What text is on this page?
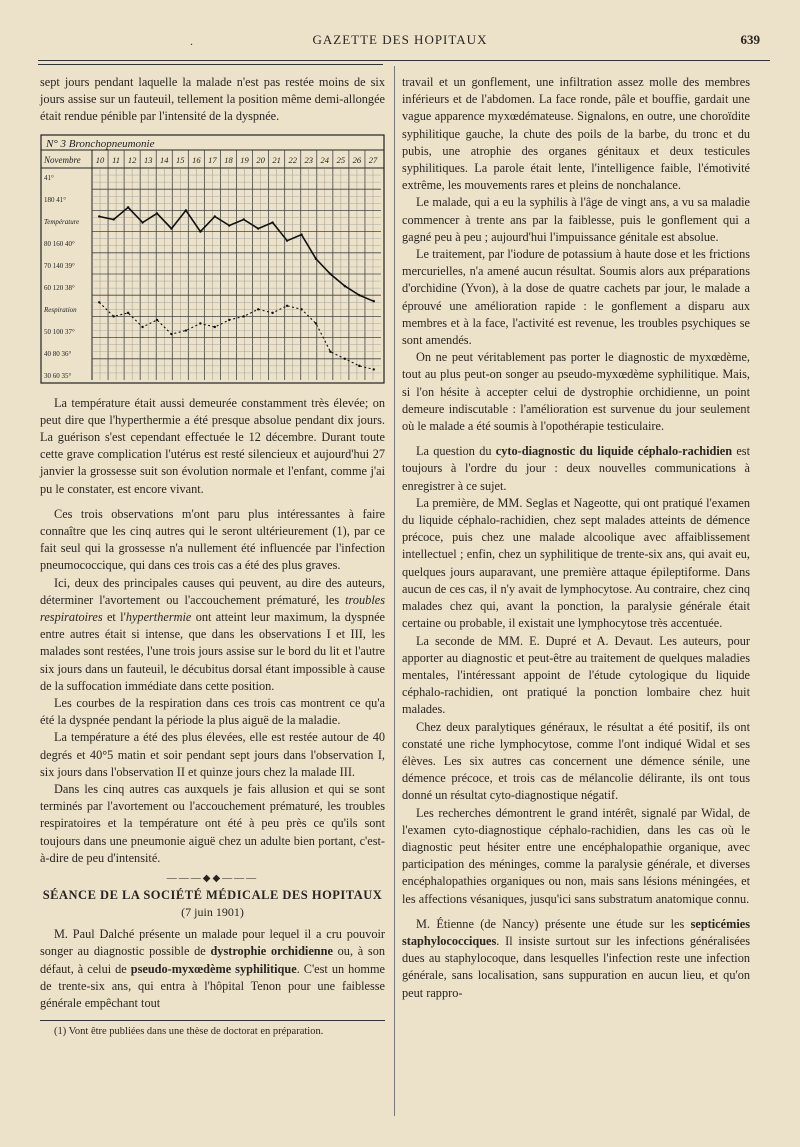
.	GAZETTE DES HOPITAUX	639

sept jours pendant laquelle la malade n'est pas restée moins de six jours assise sur un fauteuil, tellement la position même demi-allongée était rendue pénible par l'intensité de la dyspnée.

N° 3 Bronchopneumonie
Novembre 10 11 12 13 14 15 16 17 18 19 20 21 22 23 24 25 26 27
41°
180 41°
Température
80 160 40°
70 140 39°
60 120 38°
Respiration
50 100 37°
40 80 36°
30 60 35°

La température était aussi demeurée constamment très élevée; on peut dire que l'hyperthermie a été presque absolue pendant dix jours. La guérison s'est cependant effectuée le 12 décembre. Durant toute cette grave complication l'utérus est resté silencieux et aujourd'hui 27 janvier la grossesse suit son évolution normale et l'enfant, comme j'ai pu le constater, est encore vivant.

Ces trois observations m'ont paru plus intéressantes à faire connaître que les cinq autres qui le seront ultérieurement (1), par ce fait seul qui la grossesse n'a nullement été influencée par l'infection pneumococcique, qui dans ces trois cas a été des plus graves.

Ici, deux des principales causes qui peuvent, au dire des auteurs, déterminer l'avortement ou l'accouchement prématuré, les troubles respiratoires et l'hyperthermie ont atteint leur maximum, la dyspnée entre autres était si intense, que dans les observations I et III, les malades sont restées, l'une trois jours assise sur le bord du lit et l'autre six jours dans un fauteuil, le décubitus dorsal étant impossible à cause de la suffocation immédiate dans cette position.

Les courbes de la respiration dans ces trois cas montrent ce qu'a été la dyspnée pendant la période la plus aiguë de la maladie.

La température a été des plus élevées, elle est restée autour de 40 degrés et 40°5 matin et soir pendant sept jours dans l'observation I, six jours dans l'observation II et quinze jours chez la malade III.

Dans les cinq autres cas auxquels je fais allusion et qui se sont terminés par l'avortement ou l'accouchement prématuré, les troubles respiratoires et la température ont été à peu près ce qu'ils sont toujours dans une pneumonie aiguë chez un adulte bien portant, c'est-à-dire de peu d'intensité.

———◆◆———
SÉANCE DE LA SOCIÉTÉ MÉDICALE DES HOPITAUX
(7 juin 1901)

M. Paul Dalché présente un malade pour lequel il a cru pouvoir songer au diagnostic possible de dystrophie orchidienne ou, à son défaut, à celui de pseudo-myxœdème syphilitique. C'est un homme de trente-six ans, qui entra à l'hôpital Tenon pour une faiblesse générale empêchant tout

(1) Vont être publiées dans une thèse de doctorat en préparation.

travail et un gonflement, une infiltration assez molle des membres inférieurs et de l'abdomen. La face ronde, pâle et bouffie, gardait une vague apparence myxœdémateuse. Signalons, en outre, une choroïdite syphilitique gauche, la chute des poils de la barbe, du tronc et du pubis, une atrophie des organes génitaux et deux testicules syphilitiques. La parole était lente, l'intelligence faible, l'émotivité extrême, les mouvements rares et pleins de nonchalance.

Le malade, qui a eu la syphilis à l'âge de vingt ans, a vu sa maladie commencer à trente ans par la faiblesse, puis le gonflement qui a gagné peu à peu ; aujourd'hui l'impuissance génitale est absolue.

Le traitement, par l'iodure de potassium à haute dose et les frictions mercurielles, n'a amené aucun résultat. Soumis alors aux préparations d'orchidine (Yvon), à la dose de quatre cachets par jour, le malade a éprouvé une amélioration rapide : le gonflement a disparu aux membres et à la face, l'activité est revenue, les troubles psychiques se sont amendés.

On ne peut véritablement pas porter le diagnostic de myxœdème, tout au plus peut-on songer au pseudo-myxœdème syphilitique. Mais, si l'on hésite à accepter celui de dystrophie orchidienne, un point demeure indiscutable : l'amélioration est survenue du jour seulement où le malade a été soumis à l'opothérapie testiculaire.

La question du cyto-diagnostic du liquide céphalo-rachidien est toujours à l'ordre du jour : deux nouvelles communications à enregistrer à ce sujet.

La première, de MM. Seglas et Nageotte, qui ont pratiqué l'examen du liquide céphalo-rachidien, chez sept malades atteints de démence précoce, puis chez une malade alcoolique avec affaiblissement intellectuel ; enfin, chez un syphilitique de trente-six ans, qui avait eu, quelques jours auparavant, une première attaque épileptiforme. Dans aucun de ces cas, il n'y avait de lymphocytose. Au contraire, chez cinq malades chez qui, avant la ponction, la paralysie générale était certaine ou probable, il existait une lymphocytose très accentuée.

La seconde de MM. E. Dupré et A. Devaut. Les auteurs, pour apporter au diagnostic et peut-être au traitement de quelques maladies mentales, l'intéressant appoint de l'étude cytologique du liquide céphalo-rachidien, ont pratiqué la ponction lombaire chez huit malades.

Chez deux paralytiques généraux, le résultat a été positif, ils ont constaté une riche lymphocytose, comme l'ont indiqué Widal et ses élèves. Les six autres cas concernent une démence sénile, une démence précoce, et trois cas de mélancolie délirante, ils ont tous donné un résultat cyto-diagnostique négatif.

Les recherches démontrent le grand intérêt, signalé par Widal, de l'examen cyto-diagnostique céphalo-rachidien, dans les cas où le diagnostic peut hésiter entre une encéphalopathie organique, avec participation des méninges, comme la paralysie générale, et diverses encéphalopathies organiques ou non, mais sans lésions méningées, et les affections vésaniques, jusqu'ici sans substratum anatomique connu.

M. Étienne (de Nancy) présente une étude sur les septicémies staphylococciques. Il insiste surtout sur les infections généralisées dues au staphylocoque, dans lesquelles l'infection reste une infection générale, sans localisation, sans suppuration en aucun lieu, et qu'on peut rappro-
